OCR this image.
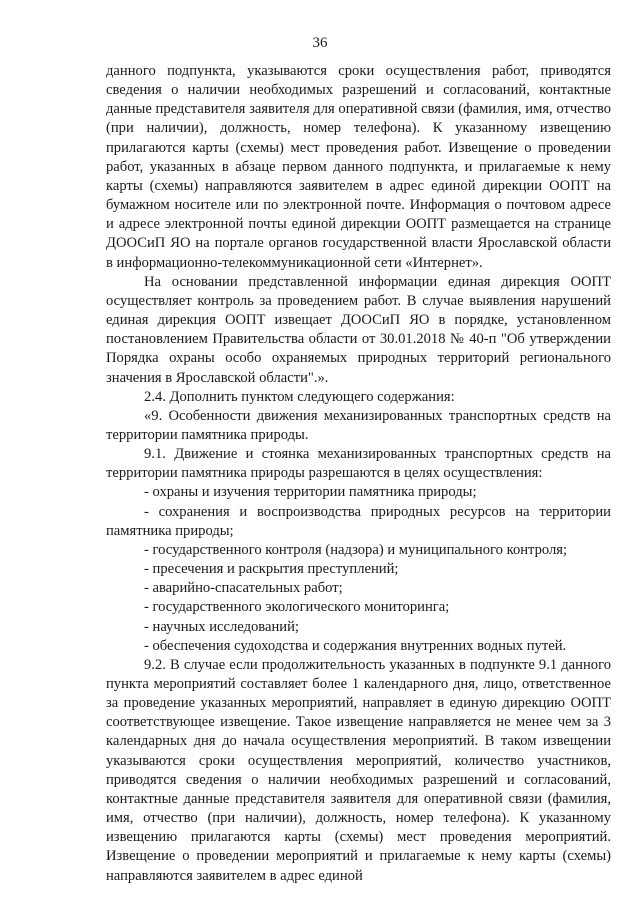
36

данного подпункта, указываются сроки осуществления работ, приводятся сведения о наличии необходимых разрешений и согласований, контактные данные представителя заявителя для оперативной связи (фамилия, имя, отчество (при наличии), должность, номер телефона). К указанному извещению прилагаются карты (схемы) мест проведения работ. Извещение о проведении работ, указанных в абзаце первом данного подпункта, и прилагаемые к нему карты (схемы) направляются заявителем в адрес единой дирекции ООПТ на бумажном носителе или по электронной почте. Информация о почтовом адресе и адресе электронной почты единой дирекции ООПТ размещается на странице ДООСиП ЯО на портале органов государственной власти Ярославской области в информационно-телекоммуникационной сети «Интернет».

На основании представленной информации единая дирекция ООПТ осуществляет контроль за проведением работ. В случае выявления нарушений единая дирекция ООПТ извещает ДООСиП ЯО в порядке, установленном постановлением Правительства области от 30.01.2018 № 40-п "Об утверждении Порядка охраны особо охраняемых природных территорий регионального значения в Ярославской области".».

2.4. Дополнить пунктом следующего содержания:

«9. Особенности движения механизированных транспортных средств на территории памятника природы.

9.1. Движение и стоянка механизированных транспортных средств на территории памятника природы разрешаются в целях осуществления:

- охраны и изучения территории памятника природы;

- сохранения и воспроизводства природных ресурсов на территории памятника природы;

- государственного контроля (надзора) и муниципального контроля;

- пресечения и раскрытия преступлений;

- аварийно-спасательных работ;

- государственного экологического мониторинга;

- научных исследований;

- обеспечения судоходства и содержания внутренних водных путей.

9.2. В случае если продолжительность указанных в подпункте 9.1 данного пункта мероприятий составляет более 1 календарного дня, лицо, ответственное за проведение указанных мероприятий, направляет в единую дирекцию ООПТ соответствующее извещение. Такое извещение направляется не менее чем за 3 календарных дня до начала осуществления мероприятий. В таком извещении указываются сроки осуществления мероприятий, количество участников, приводятся сведения о наличии необходимых разрешений и согласований, контактные данные представителя заявителя для оперативной связи (фамилия, имя, отчество (при наличии), должность, номер телефона). К указанному извещению прилагаются карты (схемы) мест проведения мероприятий. Извещение о проведении мероприятий и прилагаемые к нему карты (схемы) направляются заявителем в адрес единой
